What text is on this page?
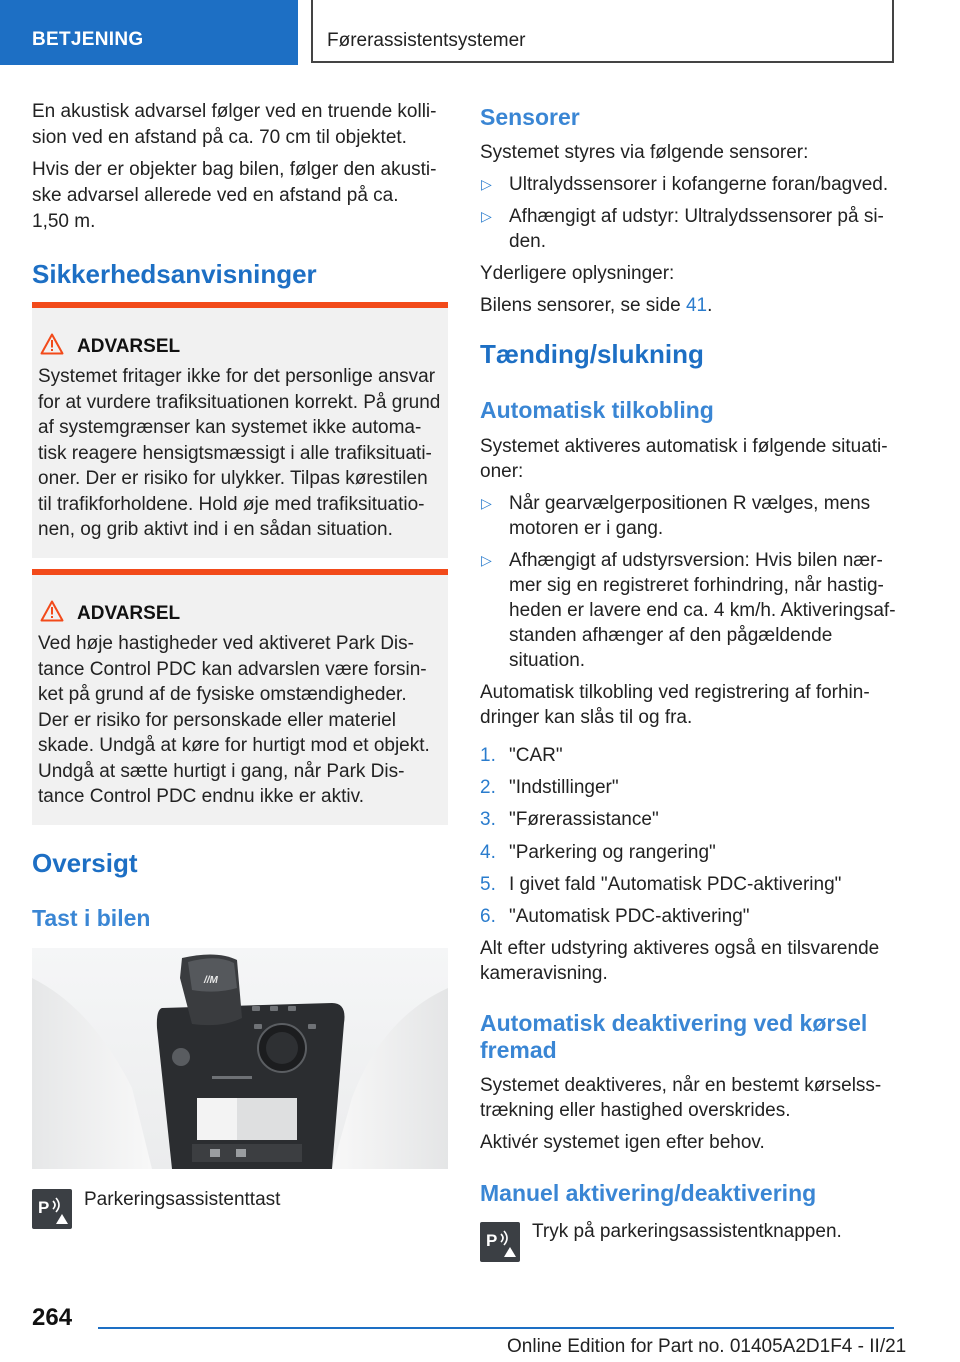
BETJENING	Førerassistentsystemer
En akustisk advarsel følger ved en truende kolli-
sion ved en afstand på ca. 70 cm til objektet.
Hvis der er objekter bag bilen, følger den akusti-
ske advarsel allerede ved en afstand på ca.
1,50 m.
Sikkerhedsanvisninger
ADVARSEL
Systemet fritager ikke for det personlige ansvar
for at vurdere trafiksituationen korrekt. På grund
af systemgrænser kan systemet ikke automa-
tisk reagere hensigtsmæssigt i alle trafiksituati-
oner. Der er risiko for ulykker. Tilpas kørestilen
til trafikforholdene. Hold øje med trafiksituatio-
nen, og grib aktivt ind i en sådan situation.
ADVARSEL
Ved høje hastigheder ved aktiveret Park Dis-
tance Control PDC kan advarslen være forsin-
ket på grund af de fysiske omstændigheder.
Der er risiko for personskade eller materiel
skade. Undgå at køre for hurtigt mod et objekt.
Undgå at sætte hurtigt i gang, når Park Dis-
tance Control PDC endnu ikke er aktiv.
Oversigt
Tast i bilen
//M
P Parkeringsassistenttast
Sensorer
Systemet styres via følgende sensorer:
▷ Ultralydssensorer i kofangerne foran/bagved.
▷ Afhængigt af udstyr: Ultralydssensorer på si-
den.
Yderligere oplysninger:
Bilens sensorer, se side 41.
Tænding/slukning
Automatisk tilkobling
Systemet aktiveres automatisk i følgende situati-
oner:
▷ Når gearvælgerpositionen R vælges, mens
motoren er i gang.
▷ Afhængigt af udstyrsversion: Hvis bilen nær-
mer sig en registreret forhindring, når hastig-
heden er lavere end ca. 4 km/h. Aktiveringsaf-
standen afhænger af den pågældende
situation.
Automatisk tilkobling ved registrering af forhin-
dringer kan slås til og fra.
1. "CAR"
2. "Indstillinger"
3. "Førerassistance"
4. "Parkering og rangering"
5. I givet fald "Automatisk PDC-aktivering"
6. "Automatisk PDC-aktivering"
Alt efter udstyring aktiveres også en tilsvarende
kameravisning.
Automatisk deaktivering ved kørsel
fremad
Systemet deaktiveres, når en bestemt kørselss-
trækning eller hastighed overskrides.
Aktivér systemet igen efter behov.
Manuel aktivering/deaktivering
P Tryk på parkeringsassistentknappen.
264
Online Edition for Part no. 01405A2D1F4 - II/21
